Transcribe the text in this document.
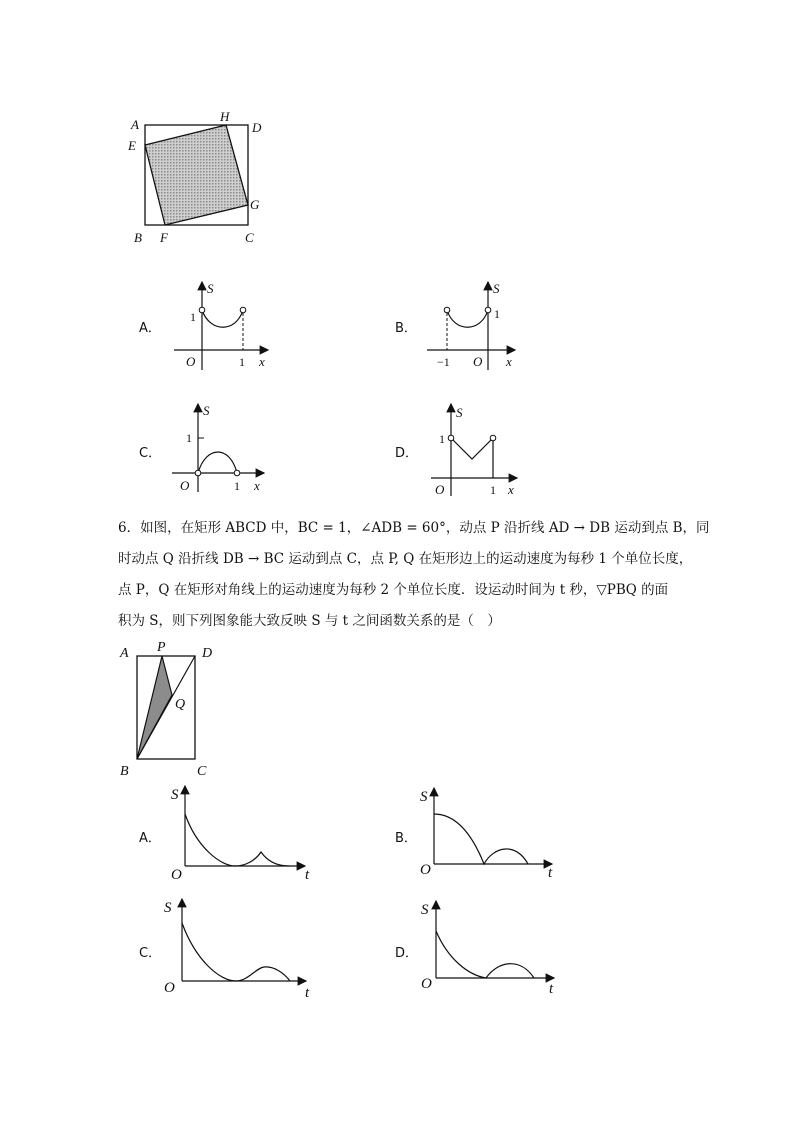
A
H
D
E
G
B F	C
A．
S
1
O	1 x
B．
S
1
−1 O x
C．
S
1
O	1 x
D．
S
1
O	1 x

6．如图，在矩形 ABCD 中，BC = 1，∠ADB = 60°，动点 P 沿折线 AD → DB 运动到点 B，同

时动点 Q 沿折线 DB → BC 运动到点 C，点 P, Q 在矩形边上的运动速度为每秒 1 个单位长度，

点 P，Q 在矩形对角线上的运动速度为每秒 2 个单位长度．设运动时间为 t 秒，▽PBQ 的面

积为 S，则下列图象能大致反映 S 与 t 之间函数关系的是（　）

A P	D
Q
B	C
A．
S
O	t
B．
S
O	t
C．
S
O	t
D．
S
O	t
